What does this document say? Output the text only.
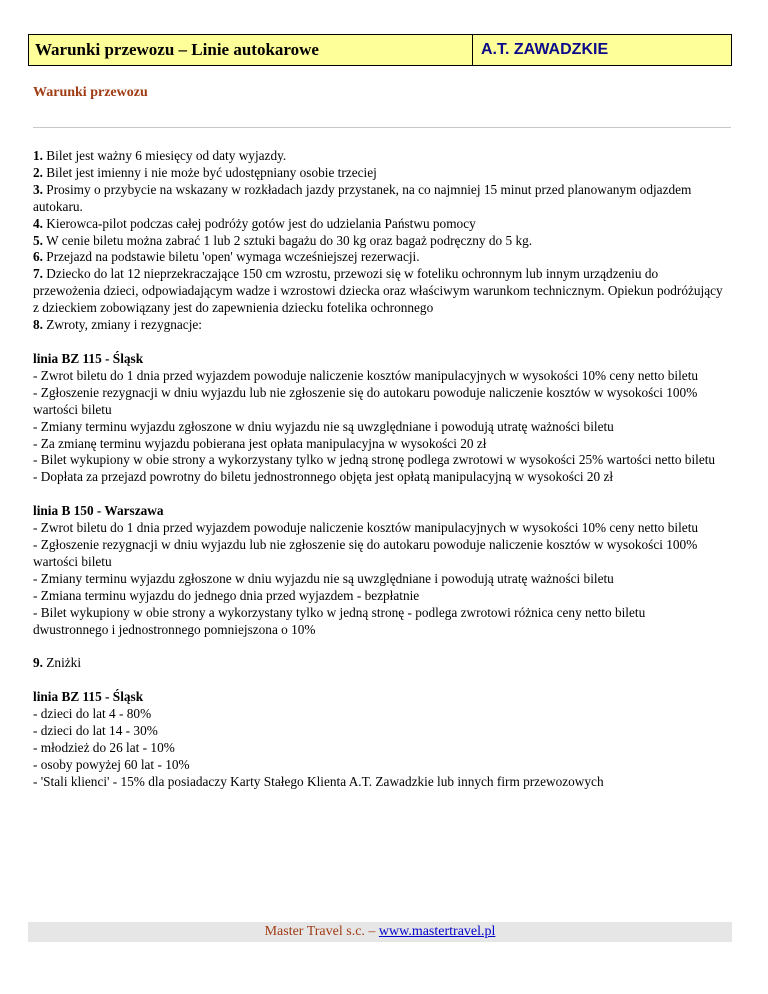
Warunki przewozu – Linie autokarowe	A.T. ZAWADZKIE
Warunki przewozu

1. Bilet jest ważny 6 miesięcy od daty wyjazdy.

2. Bilet jest imienny i nie może być udostępniany osobie trzeciej

3. Prosimy o przybycie na wskazany w rozkładach jazdy przystanek, na co najmniej 15 minut przed planowanym odjazdem autokaru.

4. Kierowca-pilot podczas całej podróży gotów jest do udzielania Państwu pomocy

5. W cenie biletu można zabrać 1 lub 2 sztuki bagażu do 30 kg oraz bagaż podręczny do 5 kg.

6. Przejazd na podstawie biletu 'open' wymaga wcześniejszej rezerwacji.

7. Dziecko do lat 12 nieprzekraczające 150 cm wzrostu, przewozi się w foteliku ochronnym lub innym urządzeniu do przewożenia dzieci, odpowiadającym wadze i wzrostowi dziecka oraz właściwym warunkom technicznym. Opiekun podróżujący z dzieckiem zobowiązany jest do zapewnienia dziecku fotelika ochronnego

8. Zwroty, zmiany i rezygnacje:

linia BZ 115 - Śląsk

- Zwrot biletu do 1 dnia przed wyjazdem powoduje naliczenie kosztów manipulacyjnych w wysokości 10% ceny netto biletu

- Zgłoszenie rezygnacji w dniu wyjazdu lub nie zgłoszenie się do autokaru powoduje naliczenie kosztów w wysokości 100% wartości biletu

- Zmiany terminu wyjazdu zgłoszone w dniu wyjazdu nie są uwzględniane i powodują utratę ważności biletu

- Za zmianę terminu wyjazdu pobierana jest opłata manipulacyjna w wysokości 20 zł

- Bilet wykupiony w obie strony a wykorzystany tylko w jedną stronę podlega zwrotowi w wysokości 25% wartości netto biletu

- Dopłata za przejazd powrotny do biletu jednostronnego objęta jest opłatą manipulacyjną w wysokości 20 zł

linia B 150 - Warszawa

- Zwrot biletu do 1 dnia przed wyjazdem powoduje naliczenie kosztów manipulacyjnych w wysokości 10% ceny netto biletu

- Zgłoszenie rezygnacji w dniu wyjazdu lub nie zgłoszenie się do autokaru powoduje naliczenie kosztów w wysokości 100% wartości biletu

- Zmiany terminu wyjazdu zgłoszone w dniu wyjazdu nie są uwzględniane i powodują utratę ważności biletu

- Zmiana terminu wyjazdu do jednego dnia przed wyjazdem - bezpłatnie

- Bilet wykupiony w obie strony a wykorzystany tylko w jedną stronę - podlega zwrotowi różnica ceny netto biletu dwustronnego i jednostronnego pomniejszona o 10%

9. Zniżki

linia BZ 115 - Śląsk

- dzieci do lat 4 - 80%

- dzieci do lat 14 - 30%

- młodzież do 26 lat - 10%

- osoby powyżej 60 lat - 10%

- 'Stali klienci' - 15% dla posiadaczy Karty Stałego Klienta A.T. Zawadzkie lub innych firm przewozowych

Master Travel s.c. – www.mastertravel.pl
